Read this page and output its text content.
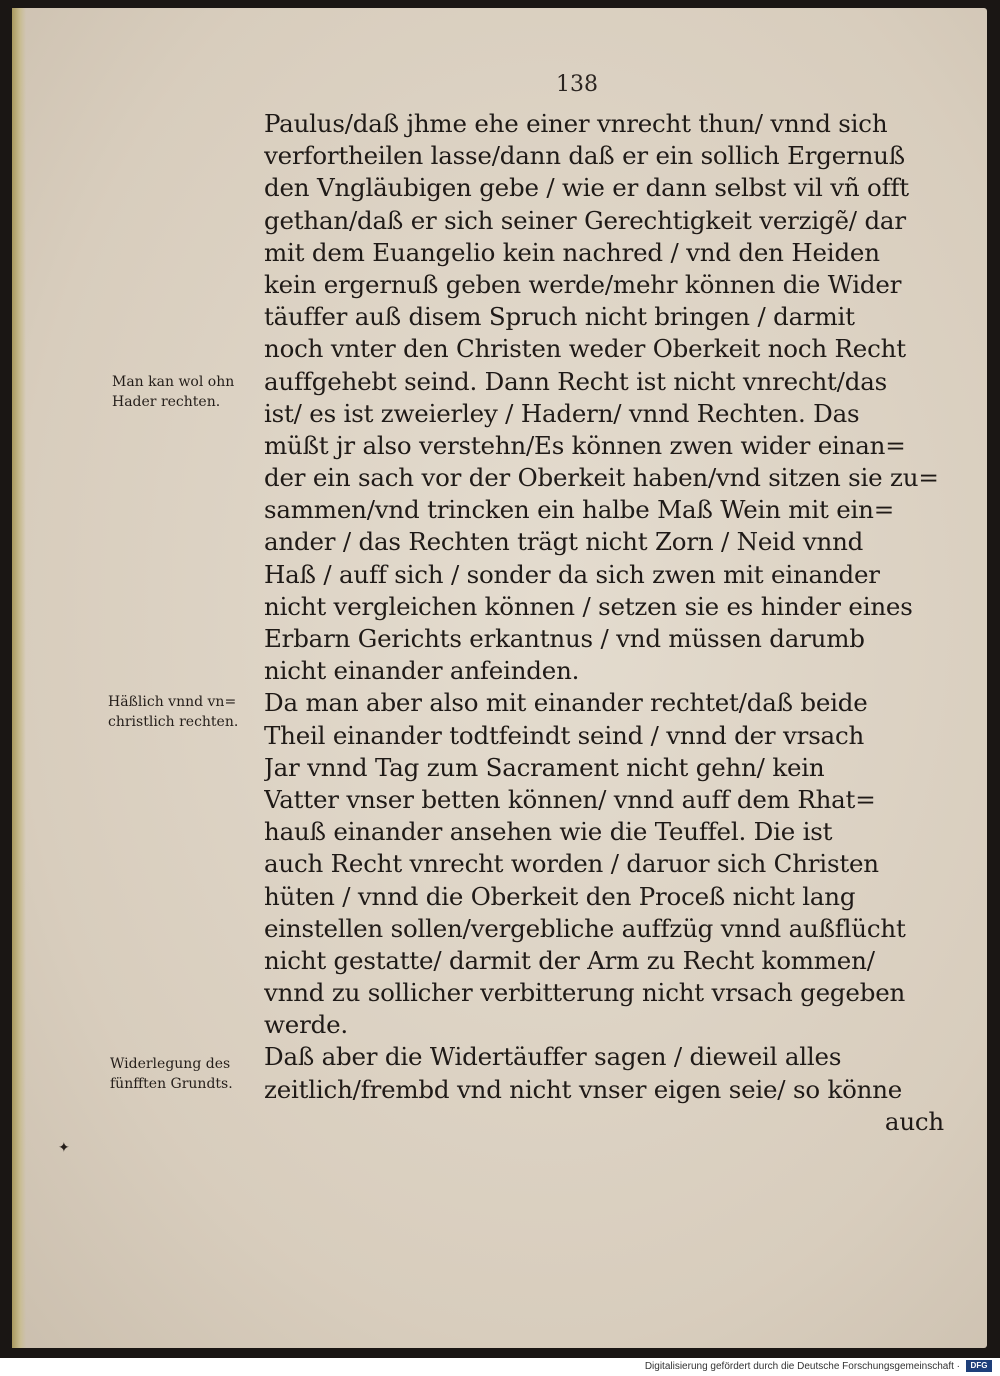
138
Paulus/daß jhme ehe einer vnrecht thun/ vnnd sich
verfortheilen lasse/dann daß er ein sollich Ergernuß
den Vngläubigen gebe / wie er dann selbst vil vñ offt
gethan/daß er sich seiner Gerechtigkeit verzigẽ/ dar
mit dem Euangelio kein nachred / vnd den Heiden
kein ergernuß geben werde/mehr können die Wider
täuffer auß disem Spruch nicht bringen / darmit
noch vnter den Christen weder Oberkeit noch Recht
auffgehebt seind. Dann Recht ist nicht vnrecht/das
ist/ es ist zweierley / Hadern/ vnnd Rechten. Das
müßt jr also verstehn/Es können zwen wider einan=
der ein sach vor der Oberkeit haben/vnd sitzen sie zu=
sammen/vnd trincken ein halbe Maß Wein mit ein=
ander / das Rechten trägt nicht Zorn / Neid vnnd
Haß / auff sich / sonder da sich zwen mit einander
nicht vergleichen können / setzen sie es hinder eines
Erbarn Gerichts erkantnus / vnd müssen darumb
nicht einander anfeinden.
Da man aber also mit einander rechtet/daß beide
Theil einander todtfeindt seind / vnnd der vrsach
Jar vnnd Tag zum Sacrament nicht gehn/ kein
Vatter vnser betten können/ vnnd auff dem Rhat=
hauß einander ansehen wie die Teuffel. Die ist
auch Recht vnrecht worden / daruor sich Christen
hüten / vnnd die Oberkeit den Proceß nicht lang
einstellen sollen/vergebliche auffzüg vnnd außflücht
nicht gestatte/ darmit der Arm zu Recht kommen/
vnnd zu sollicher verbitterung nicht vrsach gegeben
werde.
Daß aber die Widertäuffer sagen / dieweil alles
zeitlich/frembd vnd nicht vnser eigen seie/ so könne
auch
Man kan wol ohn
Hader rechten.
Häßlich vnnd vn=
christlich rechten.
Widerlegung des
fünfften Grundts.
✦
Digitalisierung gefördert durch die Deutsche Forschungsgemeinschaft ·	DFG
